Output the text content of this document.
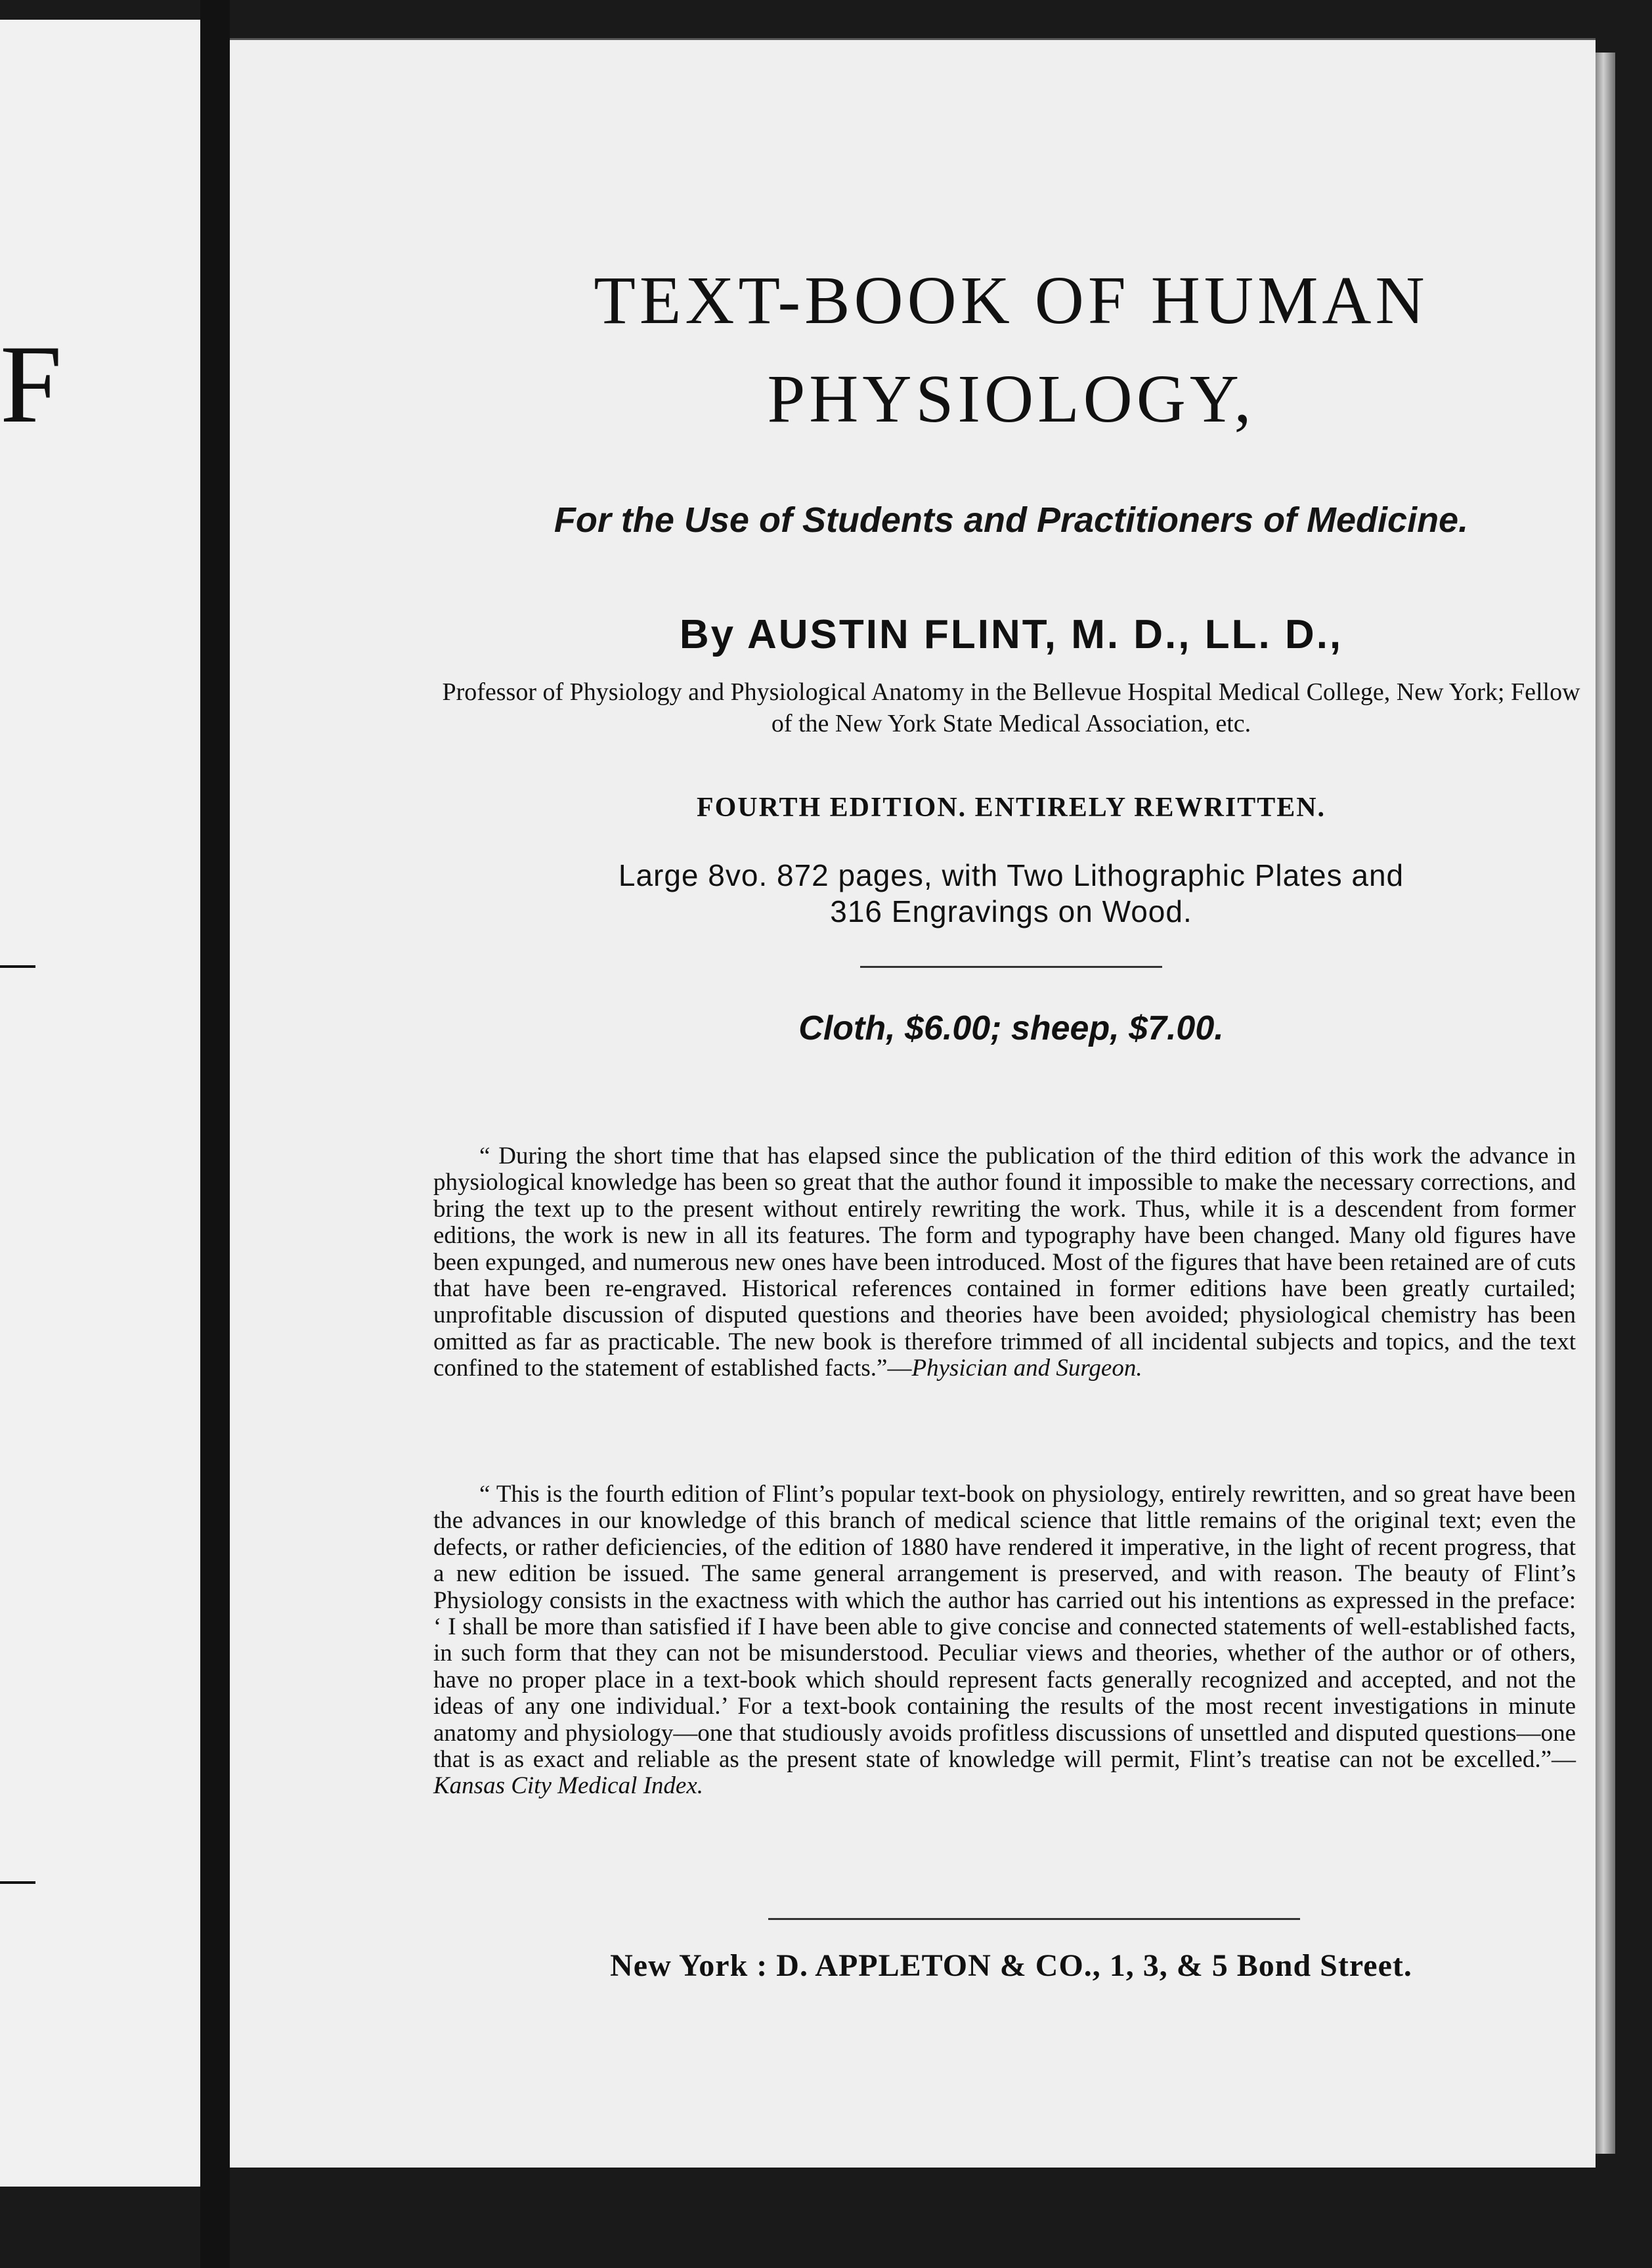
F
TEXT-BOOK OF HUMAN
PHYSIOLOGY,
For the Use of Students and Practitioners of Medicine.
By AUSTIN FLINT, M. D., LL. D.,
Professor of Physiology and Physiological Anatomy in the Bellevue Hospital Medical College, New York; Fellow of the New York State Medical Association, etc.
FOURTH EDITION. ENTIRELY REWRITTEN.
Large 8vo. 872 pages, with Two Lithographic Plates and
316 Engravings on Wood.
Cloth, $6.00; sheep, $7.00.

“ During the short time that has elapsed since the publication of the third edition of this work the advance in physiological knowledge has been so great that the author found it impossible to make the necessary corrections, and bring the text up to the present without entirely rewriting the work. Thus, while it is a descendent from former editions, the work is new in all its features. The form and typography have been changed. Many old figures have been expunged, and numerous new ones have been introduced. Most of the figures that have been retained are of cuts that have been re-engraved. Historical references contained in former editions have been greatly curtailed; unprofitable discussion of disputed questions and theories have been avoided; physiological chemistry has been omitted as far as practicable. The new book is therefore trimmed of all incidental subjects and topics, and the text confined to the statement of established facts.”—Physician and Surgeon.

“ This is the fourth edition of Flint’s popular text-book on physiology, entirely rewritten, and so great have been the advances in our knowledge of this branch of medical science that little remains of the original text; even the defects, or rather deficiencies, of the edition of 1880 have rendered it imperative, in the light of recent progress, that a new edition be issued. The same general arrangement is preserved, and with reason. The beauty of Flint’s Physiology consists in the exactness with which the author has carried out his intentions as expressed in the preface: ‘ I shall be more than satisfied if I have been able to give concise and connected statements of well-established facts, in such form that they can not be misunderstood. Peculiar views and theories, whether of the author or of others, have no proper place in a text-book which should represent facts generally recognized and accepted, and not the ideas of any one individual.’ For a text-book containing the results of the most recent investigations in minute anatomy and physiology—one that studiously avoids profitless discussions of unsettled and disputed questions—one that is as exact and reliable as the present state of knowledge will permit, Flint’s treatise can not be excelled.”—Kansas City Medical Index.

New York : D. APPLETON & CO., 1, 3, & 5 Bond Street.
